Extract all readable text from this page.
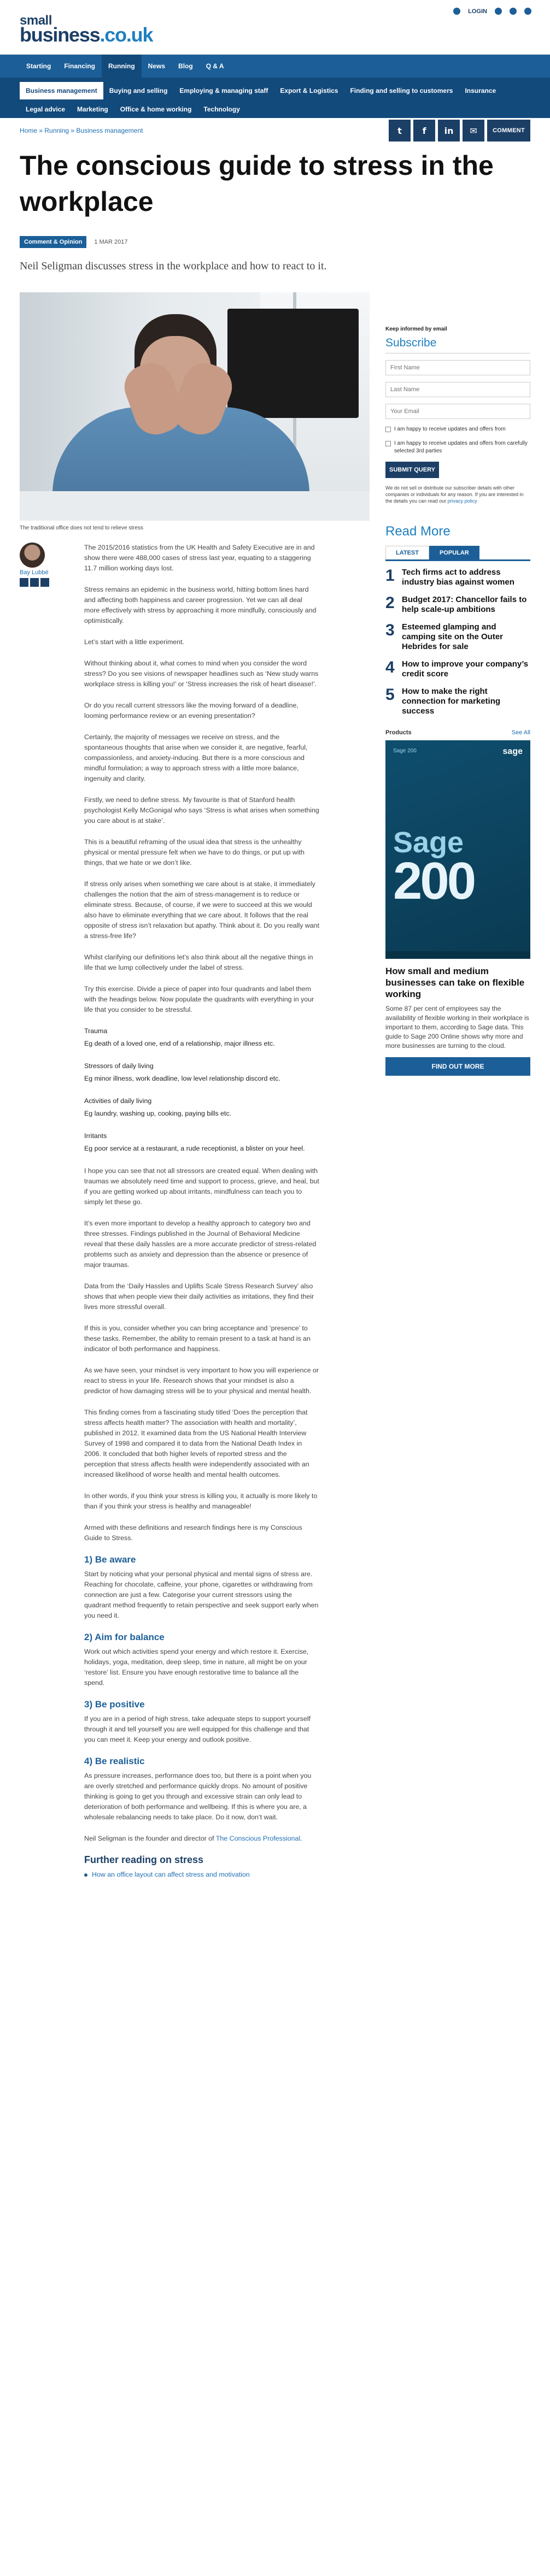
small
business.co.uk
LOGIN
Starting	Financing	Running	News	Blog	Q & A
Business management	Buying and selling	Employing & managing staff	Export & Logistics	Finding and selling to customers	Insurance
Legal advice	Marketing	Office & home working	Technology
Home » Running » Business management	t	f	in	✉	COMMENT
The conscious guide to stress in the workplace
Comment & Opinion	1 MAR 2017

Neil Seligman discusses stress in the workplace and how to react to it.

The traditional office does not tend to relieve stress

Bay Lubbé

The 2015/2016 statistics from the UK Health and Safety Executive are in and show there were 488,000 cases of stress last year, equating to a staggering 11.7 million working days lost.

Stress remains an epidemic in the business world, hitting bottom lines hard and affecting both happiness and career progression. Yet we can all deal more effectively with stress by approaching it more mindfully, consciously and optimistically.

Let’s start with a little experiment.

Without thinking about it, what comes to mind when you consider the word stress? Do you see visions of newspaper headlines such as ‘New study warns workplace stress is killing you!’ or ‘Stress increases the risk of heart disease!’.

Or do you recall current stressors like the moving forward of a deadline, looming performance review or an evening presentation?

Certainly, the majority of messages we receive on stress, and the spontaneous thoughts that arise when we consider it, are negative, fearful, compassionless, and anxiety-inducing. But there is a more conscious and mindful formulation; a way to approach stress with a little more balance, ingenuity and clarity.

Firstly, we need to define stress. My favourite is that of Stanford health psychologist Kelly McGonigal who says ‘Stress is what arises when something you care about is at stake’.

This is a beautiful reframing of the usual idea that stress is the unhealthy physical or mental pressure felt when we have to do things, or put up with things, that we hate or we don’t like.

If stress only arises when something we care about is at stake, it immediately challenges the notion that the aim of stress-management is to reduce or eliminate stress. Because, of course, if we were to succeed at this we would also have to eliminate everything that we care about. It follows that the real opposite of stress isn’t relaxation but apathy. Think about it. Do you really want a stress-free life?

Whilst clarifying our definitions let’s also think about all the negative things in life that we lump collectively under the label of stress.

Try this exercise. Divide a piece of paper into four quadrants and label them with the headings below. Now populate the quadrants with everything in your life that you consider to be stressful.

Trauma

Eg death of a loved one, end of a relationship, major illness etc.

Stressors of daily living

Eg minor illness, work deadline, low level relationship discord etc.

Activities of daily living

Eg laundry, washing up, cooking, paying bills etc.

Irritants

Eg poor service at a restaurant, a rude receptionist, a blister on your heel.

I hope you can see that not all stressors are created equal. When dealing with traumas we absolutely need time and support to process, grieve, and heal, but if you are getting worked up about irritants, mindfulness can teach you to simply let these go.

It’s even more important to develop a healthy approach to category two and three stresses. Findings published in the Journal of Behavioral Medicine reveal that these daily hassles are a more accurate predictor of stress-related problems such as anxiety and depression than the absence or presence of major traumas.

Data from the ‘Daily Hassles and Uplifts Scale Stress Research Survey’ also shows that when people view their daily activities as irritations, they find their lives more stressful overall.

If this is you, consider whether you can bring acceptance and ‘presence’ to these tasks. Remember, the ability to remain present to a task at hand is an indicator of both performance and happiness.

As we have seen, your mindset is very important to how you will experience or react to stress in your life. Research shows that your mindset is also a predictor of how damaging stress will be to your physical and mental health.

This finding comes from a fascinating study titled ‘Does the perception that stress affects health matter? The association with health and mortality’, published in 2012. It examined data from the US National Health Interview Survey of 1998 and compared it to data from the National Death Index in 2006. It concluded that both higher levels of reported stress and the perception that stress affects health were independently associated with an increased likelihood of worse health and mental health outcomes.

In other words, if you think your stress is killing you, it actually is more likely to than if you think your stress is healthy and manageable!

Armed with these definitions and research findings here is my Conscious Guide to Stress.

1) Be aware

Start by noticing what your personal physical and mental signs of stress are. Reaching for chocolate, caffeine, your phone, cigarettes or withdrawing from connection are just a few. Categorise your current stressors using the quadrant method frequently to retain perspective and seek support early when you need it.

2) Aim for balance

Work out which activities spend your energy and which restore it. Exercise, holidays, yoga, meditation, deep sleep, time in nature, all might be on your ‘restore’ list. Ensure you have enough restorative time to balance all the spend.

3) Be positive

If you are in a period of high stress, take adequate steps to support yourself through it and tell yourself you are well equipped for this challenge and that you can meet it. Keep your energy and outlook positive.

4) Be realistic

As pressure increases, performance does too, but there is a point when you are overly stretched and performance quickly drops. No amount of positive thinking is going to get you through and excessive strain can only lead to deterioration of both performance and wellbeing. If this is where you are, a wholesale rebalancing needs to take place. Do it now, don’t wait.

Neil Seligman is the founder and director of The Conscious Professional.

Further reading on stress
How an office layout can affect stress and motivation

Keep informed by email

Subscribe
First Name
Last Name
Your Email
I am happy to receive updates and offers from
I am happy to receive updates and offers from carefully selected 3rd parties
SUBMIT QUERY

We do not sell or distribute our subscriber details with other companies or individuals for any reason. If you are interested in the details you can read our privacy policy

Read More
LATEST	POPULAR
1 Tech firms act to address industry bias against women
2 Budget 2017: Chancellor fails to help scale-up ambitions
3 Esteemed glamping and camping site on the Outer Hebrides for sale
4 How to improve your company’s credit score
5 How to make the right connection for marketing success
Products	See All
Sage 200	sage
Sage
200

How small and medium businesses can take on flexible working

Some 87 per cent of employees say the availability of flexible working in their workplace is important to them, according to Sage data. This guide to Sage 200 Online shows why more and more businesses are turning to the cloud.

FIND OUT MORE
